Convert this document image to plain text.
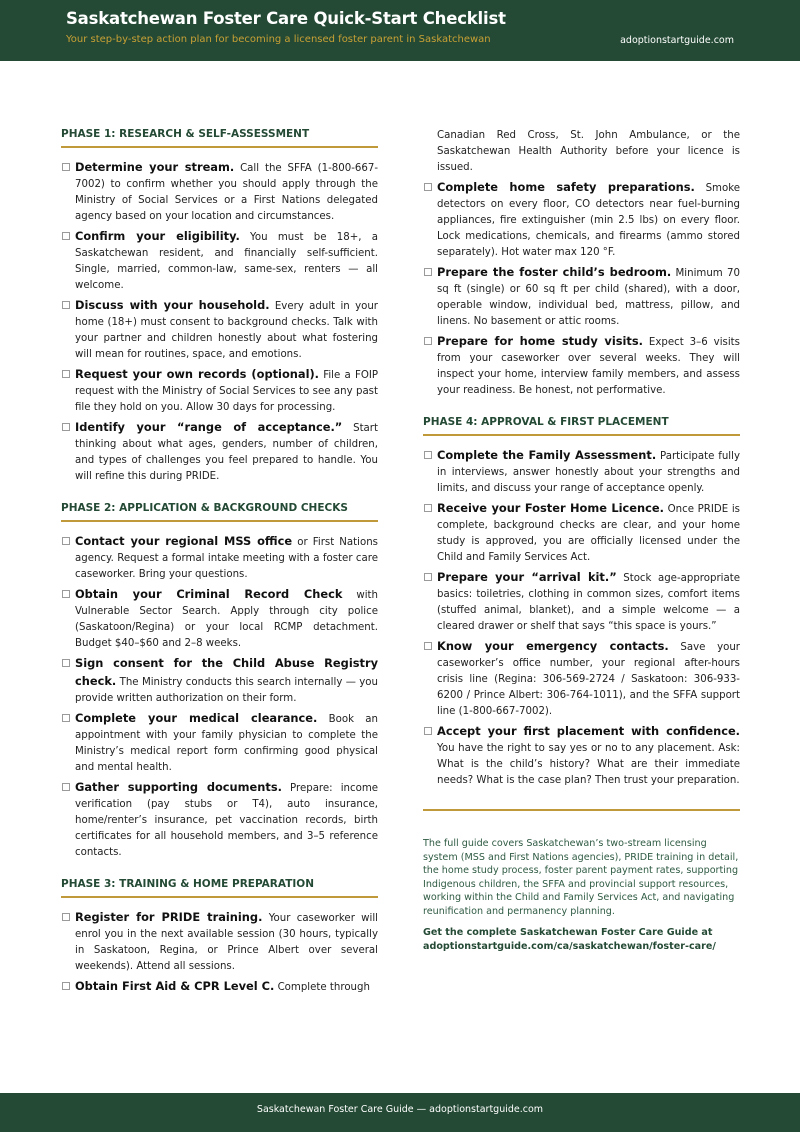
Saskatchewan Foster Care Quick-Start Checklist
Your step-by-step action plan for becoming a licensed foster parent in Saskatchewan	adoptionstartguide.com
PHASE 1: RESEARCH & SELF-ASSESSMENT
Determine your stream. Call the SFFA (1-800-667-7002) to confirm whether you should apply through the Ministry of Social Services or a First Nations delegated agency based on your location and circumstances.
Confirm your eligibility. You must be 18+, a Saskatchewan resident, and financially self-sufficient. Single, married, common-law, same-sex, renters — all welcome.
Discuss with your household. Every adult in your home (18+) must consent to background checks. Talk with your partner and children honestly about what fostering will mean for routines, space, and emotions.
Request your own records (optional). File a FOIP request with the Ministry of Social Services to see any past file they hold on you. Allow 30 days for processing.
Identify your “range of acceptance.” Start thinking about what ages, genders, number of children, and types of challenges you feel prepared to handle. You will refine this during PRIDE.
PHASE 2: APPLICATION & BACKGROUND CHECKS
Contact your regional MSS office or First Nations agency. Request a formal intake meeting with a foster care caseworker. Bring your questions.
Obtain your Criminal Record Check with Vulnerable Sector Search. Apply through city police (Saskatoon/Regina) or your local RCMP detachment. Budget $40–$60 and 2–8 weeks.
Sign consent for the Child Abuse Registry check. The Ministry conducts this search internally — you provide written authorization on their form.
Complete your medical clearance. Book an appointment with your family physician to complete the Ministry’s medical report form confirming good physical and mental health.
Gather supporting documents. Prepare: income verification (pay stubs or T4), auto insurance, home/renter’s insurance, pet vaccination records, birth certificates for all household members, and 3–5 reference contacts.
PHASE 3: TRAINING & HOME PREPARATION
Register for PRIDE training. Your caseworker will enrol you in the next available session (30 hours, typically in Saskatoon, Regina, or Prince Albert over several weekends). Attend all sessions.
Obtain First Aid & CPR Level C. Complete through
Canadian Red Cross, St. John Ambulance, or the Saskatchewan Health Authority before your licence is issued.
Complete home safety preparations. Smoke detectors on every floor, CO detectors near fuel-burning appliances, fire extinguisher (min 2.5 lbs) on every floor. Lock medications, chemicals, and firearms (ammo stored separately). Hot water max 120 °F.
Prepare the foster child’s bedroom. Minimum 70 sq ft (single) or 60 sq ft per child (shared), with a door, operable window, individual bed, mattress, pillow, and linens. No basement or attic rooms.
Prepare for home study visits. Expect 3–6 visits from your caseworker over several weeks. They will inspect your home, interview family members, and assess your readiness. Be honest, not performative.
PHASE 4: APPROVAL & FIRST PLACEMENT
Complete the Family Assessment. Participate fully in interviews, answer honestly about your strengths and limits, and discuss your range of acceptance openly.
Receive your Foster Home Licence. Once PRIDE is complete, background checks are clear, and your home study is approved, you are officially licensed under the Child and Family Services Act.
Prepare your “arrival kit.” Stock age-appropriate basics: toiletries, clothing in common sizes, comfort items (stuffed animal, blanket), and a simple welcome — a cleared drawer or shelf that says “this space is yours.”
Know your emergency contacts. Save your caseworker’s office number, your regional after-hours crisis line (Regina: 306-569-2724 / Saskatoon: 306-933-6200 / Prince Albert: 306-764-1011), and the SFFA support line (1-800-667-7002).
Accept your first placement with confidence. You have the right to say yes or no to any placement. Ask: What is the child’s history? What are their immediate needs? What is the case plan? Then trust your preparation.
The full guide covers Saskatchewan’s two-stream licensing system (MSS and First Nations agencies), PRIDE training in detail, the home study process, foster parent payment rates, supporting Indigenous children, the SFFA and provincial support resources, working within the Child and Family Services Act, and navigating reunification and permanency planning.
Get the complete Saskatchewan Foster Care Guide at adoptionstartguide.com/ca/saskatchewan/foster-care/
Saskatchewan Foster Care Guide — adoptionstartguide.com
